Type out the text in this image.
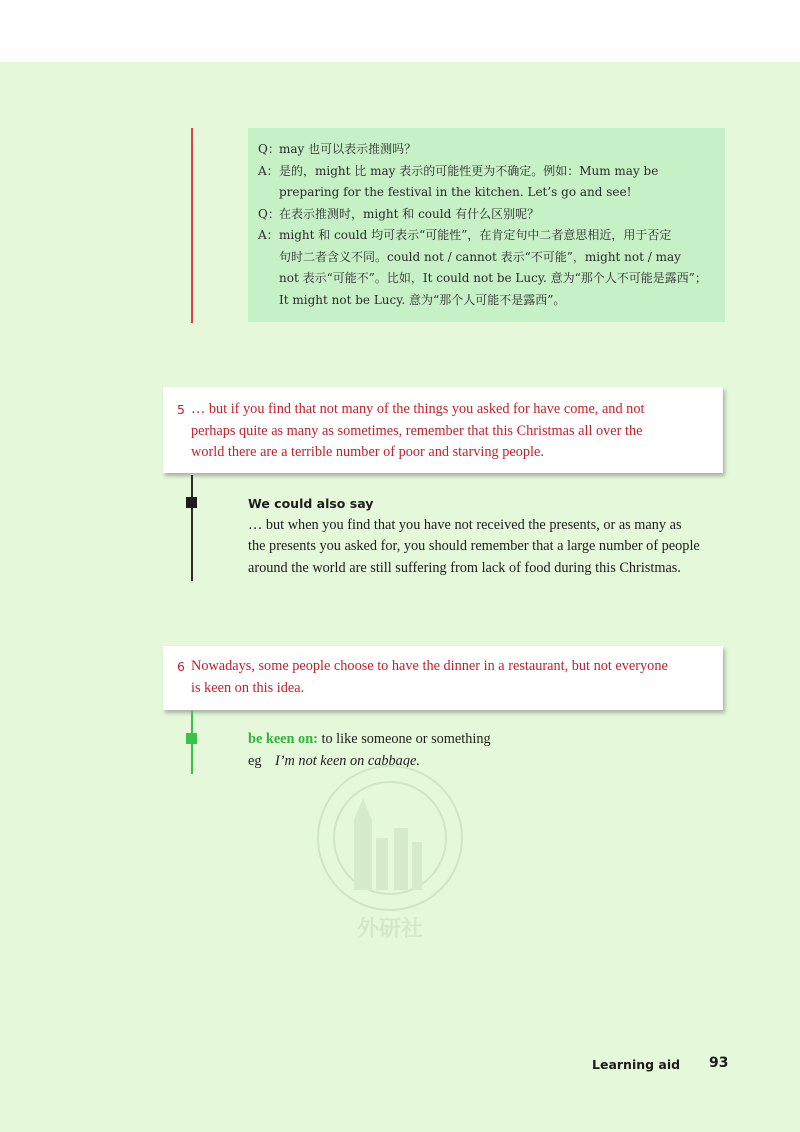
Q： may 也可以表示推测吗？
A： 是的，might 比 may 表示的可能性更为不确定。例如：Mum may be
preparing for the festival in the kitchen. Let’s go and see!
Q： 在表示推测时，might 和 could 有什么区别呢？
A： might 和 could 均可表示“可能性”，在肯定句中二者意思相近，用于否定
句时二者含义不同。could not / cannot 表示“不可能”，might not / may
not 表示“可能不”。比如，It could not be Lucy. 意为“那个人不可能是露西”；
It might not be Lucy. 意为“那个人可能不是露西”。
5 … but if you find that not many of the things you asked for have come, and not
perhaps quite as many as sometimes, remember that this Christmas all over the
world there are a terrible number of poor and starving people.
We could also say
… but when you find that you have not received the presents, or as many as
the presents you asked for, you should remember that a large number of people
around the world are still suffering from lack of food during this Christmas.
6 Nowadays, some people choose to have the dinner in a restaurant, but not everyone
is keen on this idea.
be keen on: to like someone or something
eg I’m not keen on cabbage.
外研社
Learning aid 93
